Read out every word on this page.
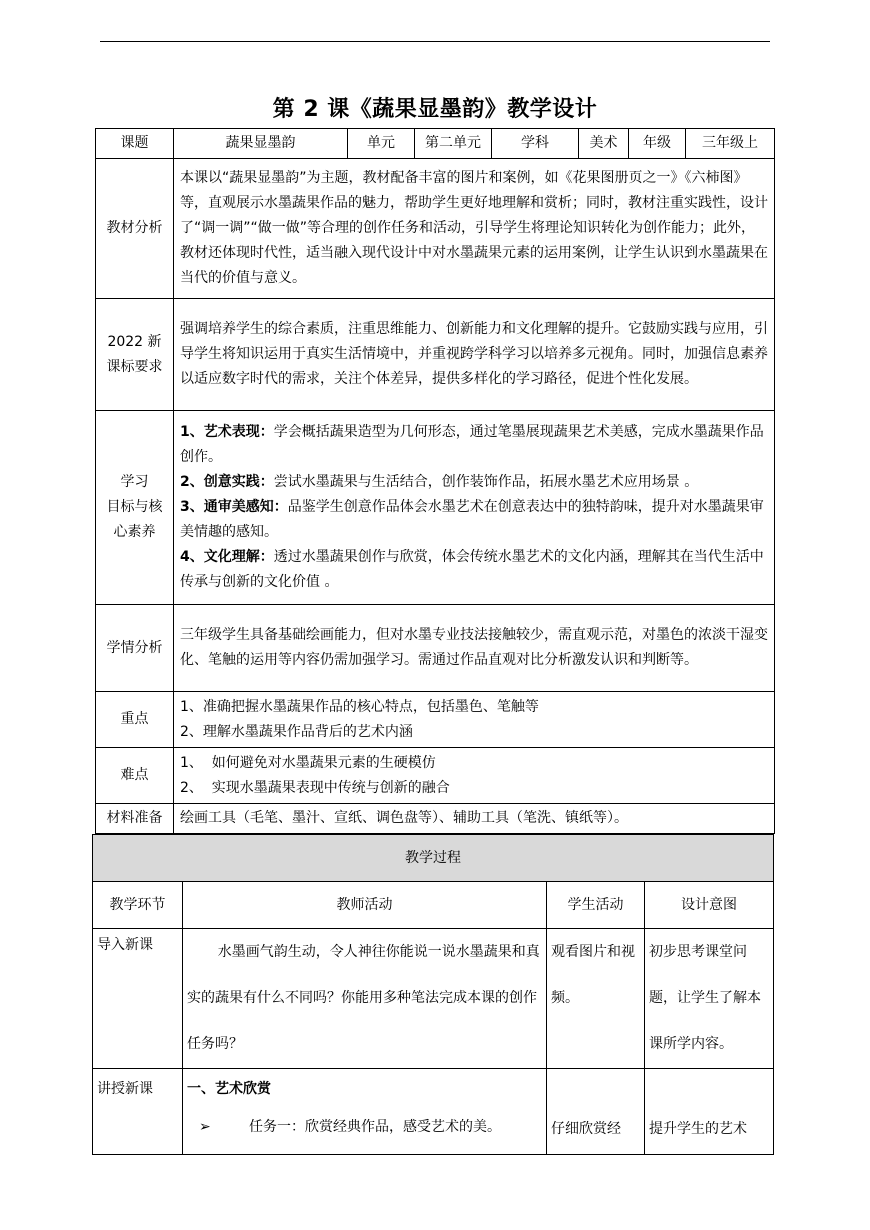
第 2 课《蔬果显墨韵》教学设计
课题	蔬果显墨韵	单元	第二单元	学科	美术	年级	三年级上
教材分析	本课以“蔬果显墨韵”为主题，教材配备丰富的图片和案例，如《花果图册页之一》《六柿图》等，直观展示水墨蔬果作品的魅力，帮助学生更好地理解和赏析；同时，教材注重实践性，设计了“调一调”“做一做”等合理的创作任务和活动，引导学生将理论知识转化为创作能力；此外，教材还体现时代性，适当融入现代设计中对水墨蔬果元素的运用案例，让学生认识到水墨蔬果在当代的价值与意义。						

2022 新
课标要求	强调培养学生的综合素质，注重思维能力、创新能力和文化理解的提升。它鼓励实践与应用，引导学生将知识运用于真实生活情境中，并重视跨学科学习以培养多元视角。同时，加强信息素养以适应数字时代的需求，关注个体差异，提供多样化的学习路径，促进个性化发展。						

学习
目标与核
心素养	1、艺术表现：学会概括蔬果造型为几何形态，通过笔墨展现蔬果艺术美感，完成水墨蔬果作品创作。
2、创意实践：尝试水墨蔬果与生活结合，创作装饰作品，拓展水墨艺术应用场景 。
3、通审美感知：品鉴学生创意作品体会水墨艺术在创意表达中的独特韵味，提升对水墨蔬果审美情趣的感知。
4、文化理解：透过水墨蔬果创作与欣赏，体会传统水墨艺术的文化内涵，理解其在当代生活中传承与创新的文化价值 。						

学情分析	三年级学生具备基础绘画能力，但对水墨专业技法接触较少，需直观示范，对墨色的浓淡干湿变化、笔触的运用等内容仍需加强学习。需通过作品直观对比分析激发认识和判断等。						
重点	1、准确把握水墨蔬果作品的核心特点，包括墨色、笔触等
2、理解水墨蔬果作品背后的艺术内涵						

难点	1、  如何避免对水墨蔬果元素的生硬模仿
2、  实现水墨蔬果表现中传统与创新的融合						

材料准备	绘画工具（毛笔、墨汁、宣纸、调色盘等）、辅助工具（笔洗、镇纸等）。						
教学过程			
教学环节	教师活动	学生活动	设计意图
导入新课	水墨画气韵生动，令人神往你能说一说水墨蔬果和真实的蔬果有什么不同吗？你能用多种笔法完成本课的创作任务吗？	观看图片和视频。	初步思考课堂问题，让学生了解本课所学内容。
讲授新课	一、艺术欣赏
➢ 任务一：欣赏经典作品，感受艺术的美。	仔细欣赏经	提升学生的艺术
